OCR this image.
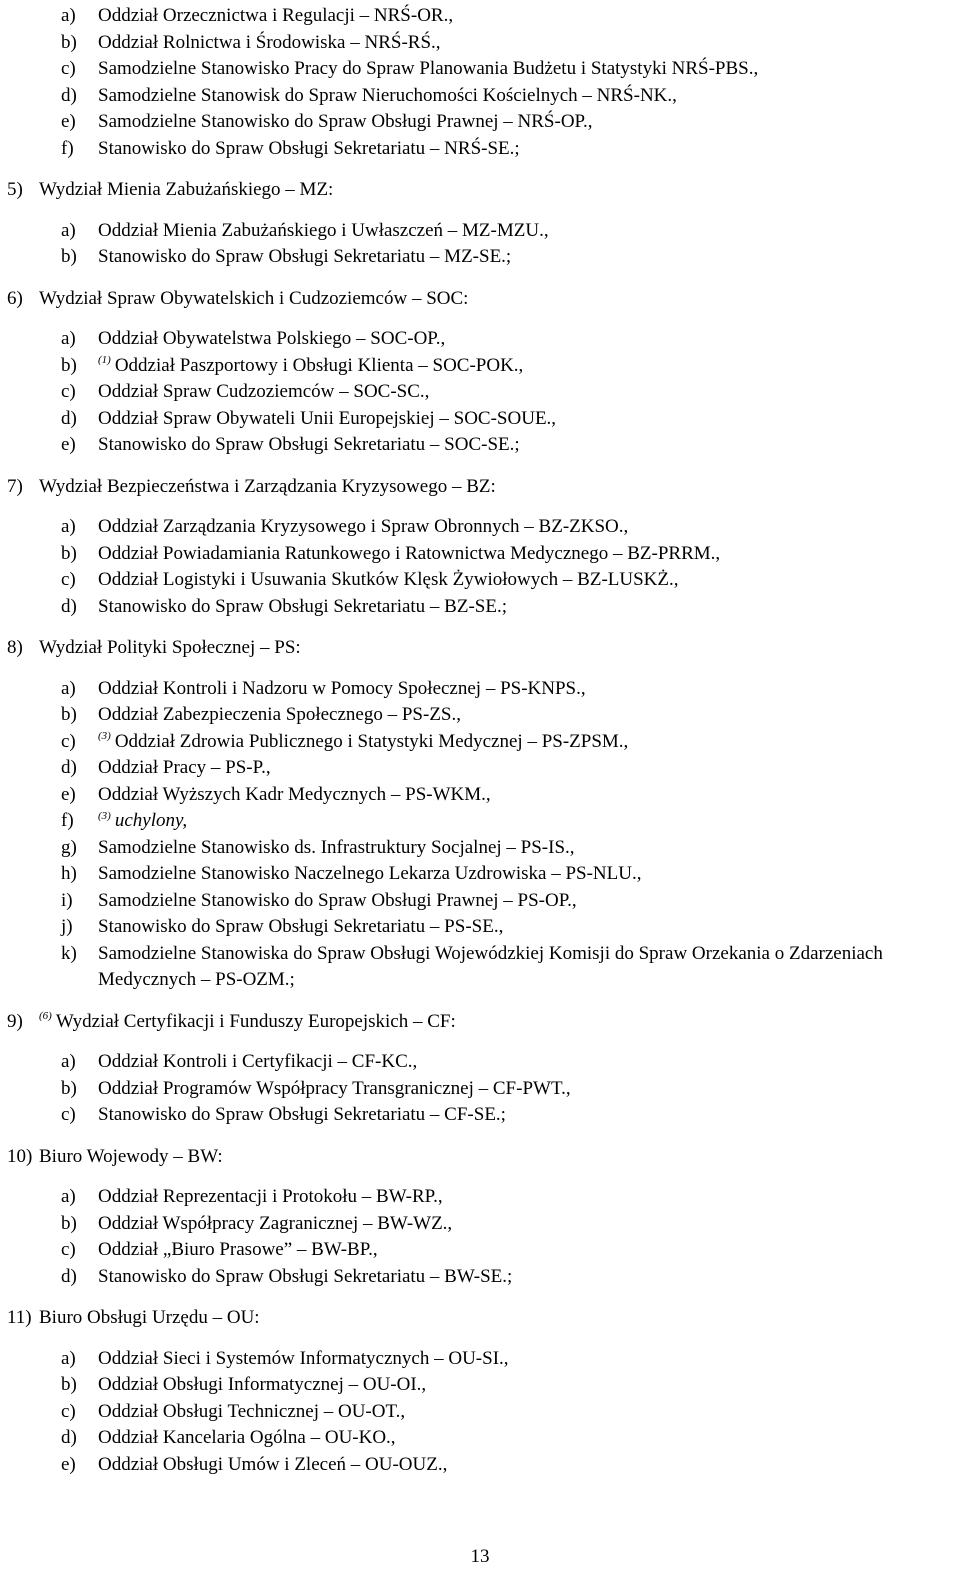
a)	Oddział Orzecznictwa i Regulacji – NRŚ-OR.,
b)	Oddział Rolnictwa i Środowiska – NRŚ-RŚ.,
c)	Samodzielne Stanowisko Pracy do Spraw Planowania Budżetu i Statystyki NRŚ-PBS.,
d)	Samodzielne Stanowisk do Spraw Nieruchomości Kościelnych – NRŚ-NK.,
e)	Samodzielne Stanowisko do Spraw Obsługi Prawnej – NRŚ-OP.,
f)	Stanowisko do Spraw Obsługi Sekretariatu – NRŚ-SE.;
5) Wydział Mienia Zabużańskiego – MZ:
a)	Oddział Mienia Zabużańskiego i Uwłaszczeń – MZ-MZU.,
b)	Stanowisko do Spraw Obsługi Sekretariatu – MZ-SE.;
6) Wydział Spraw Obywatelskich i Cudzoziemców – SOC:
a)	Oddział Obywatelstwa Polskiego – SOC-OP.,
b)	$^{(1)}$ Oddział Paszportowy i Obsługi Klienta – SOC-POK.,
c)	Oddział Spraw Cudzoziemców – SOC-SC.,
d)	Oddział Spraw Obywateli Unii Europejskiej – SOC-SOUE.,
e)	Stanowisko do Spraw Obsługi Sekretariatu – SOC-SE.;
7) Wydział Bezpieczeństwa i Zarządzania Kryzysowego – BZ:
a)	Oddział Zarządzania Kryzysowego i Spraw Obronnych – BZ-ZKSO.,
b)	Oddział Powiadamiania Ratunkowego i Ratownictwa Medycznego – BZ-PRRM.,
c)	Oddział Logistyki i Usuwania Skutków Klęsk Żywiołowych – BZ-LUSKŻ.,
d)	Stanowisko do Spraw Obsługi Sekretariatu – BZ-SE.;
8) Wydział Polityki Społecznej – PS:
a)	Oddział Kontroli i Nadzoru w Pomocy Społecznej – PS-KNPS.,
b)	Oddział Zabezpieczenia Społecznego – PS-ZS.,
c)	$^{(3)}$ Oddział Zdrowia Publicznego i Statystyki Medycznej – PS-ZPSM.,
d)	Oddział Pracy – PS-P.,
e)	Oddział Wyższych Kadr Medycznych – PS-WKM.,
f)	$^{(3)}$ uchylony,
g)	Samodzielne Stanowisko ds. Infrastruktury Socjalnej – PS-IS.,
h)	Samodzielne Stanowisko Naczelnego Lekarza Uzdrowiska – PS-NLU.,
i)	Samodzielne Stanowisko do Spraw Obsługi Prawnej – PS-OP.,
j)	Stanowisko do Spraw Obsługi Sekretariatu – PS-SE.,
k)	Samodzielne Stanowiska do Spraw Obsługi Wojewódzkiej Komisji do Spraw Orzekania o Zdarzeniach Medycznych – PS-OZM.;
9)	$^{(6)}$ Wydział Certyfikacji i Funduszy Europejskich – CF:
a)	Oddział Kontroli i Certyfikacji – CF-KC.,
b)	Oddział Programów Współpracy Transgranicznej – CF-PWT.,
c)	Stanowisko do Spraw Obsługi Sekretariatu – CF-SE.;
10) Biuro Wojewody – BW:
a)	Oddział Reprezentacji i Protokołu – BW-RP.,
b)	Oddział Współpracy Zagranicznej – BW-WZ.,
c)	Oddział „Biuro Prasowe” – BW-BP.,
d)	Stanowisko do Spraw Obsługi Sekretariatu – BW-SE.;
11) Biuro Obsługi Urzędu – OU:
a)	Oddział Sieci i Systemów Informatycznych – OU-SI.,
b)	Oddział Obsługi Informatycznej – OU-OI.,
c)	Oddział Obsługi Technicznej – OU-OT.,
d)	Oddział Kancelaria Ogólna – OU-KO.,
e)	Oddział Obsługi Umów i Zleceń – OU-OUZ.,
13
